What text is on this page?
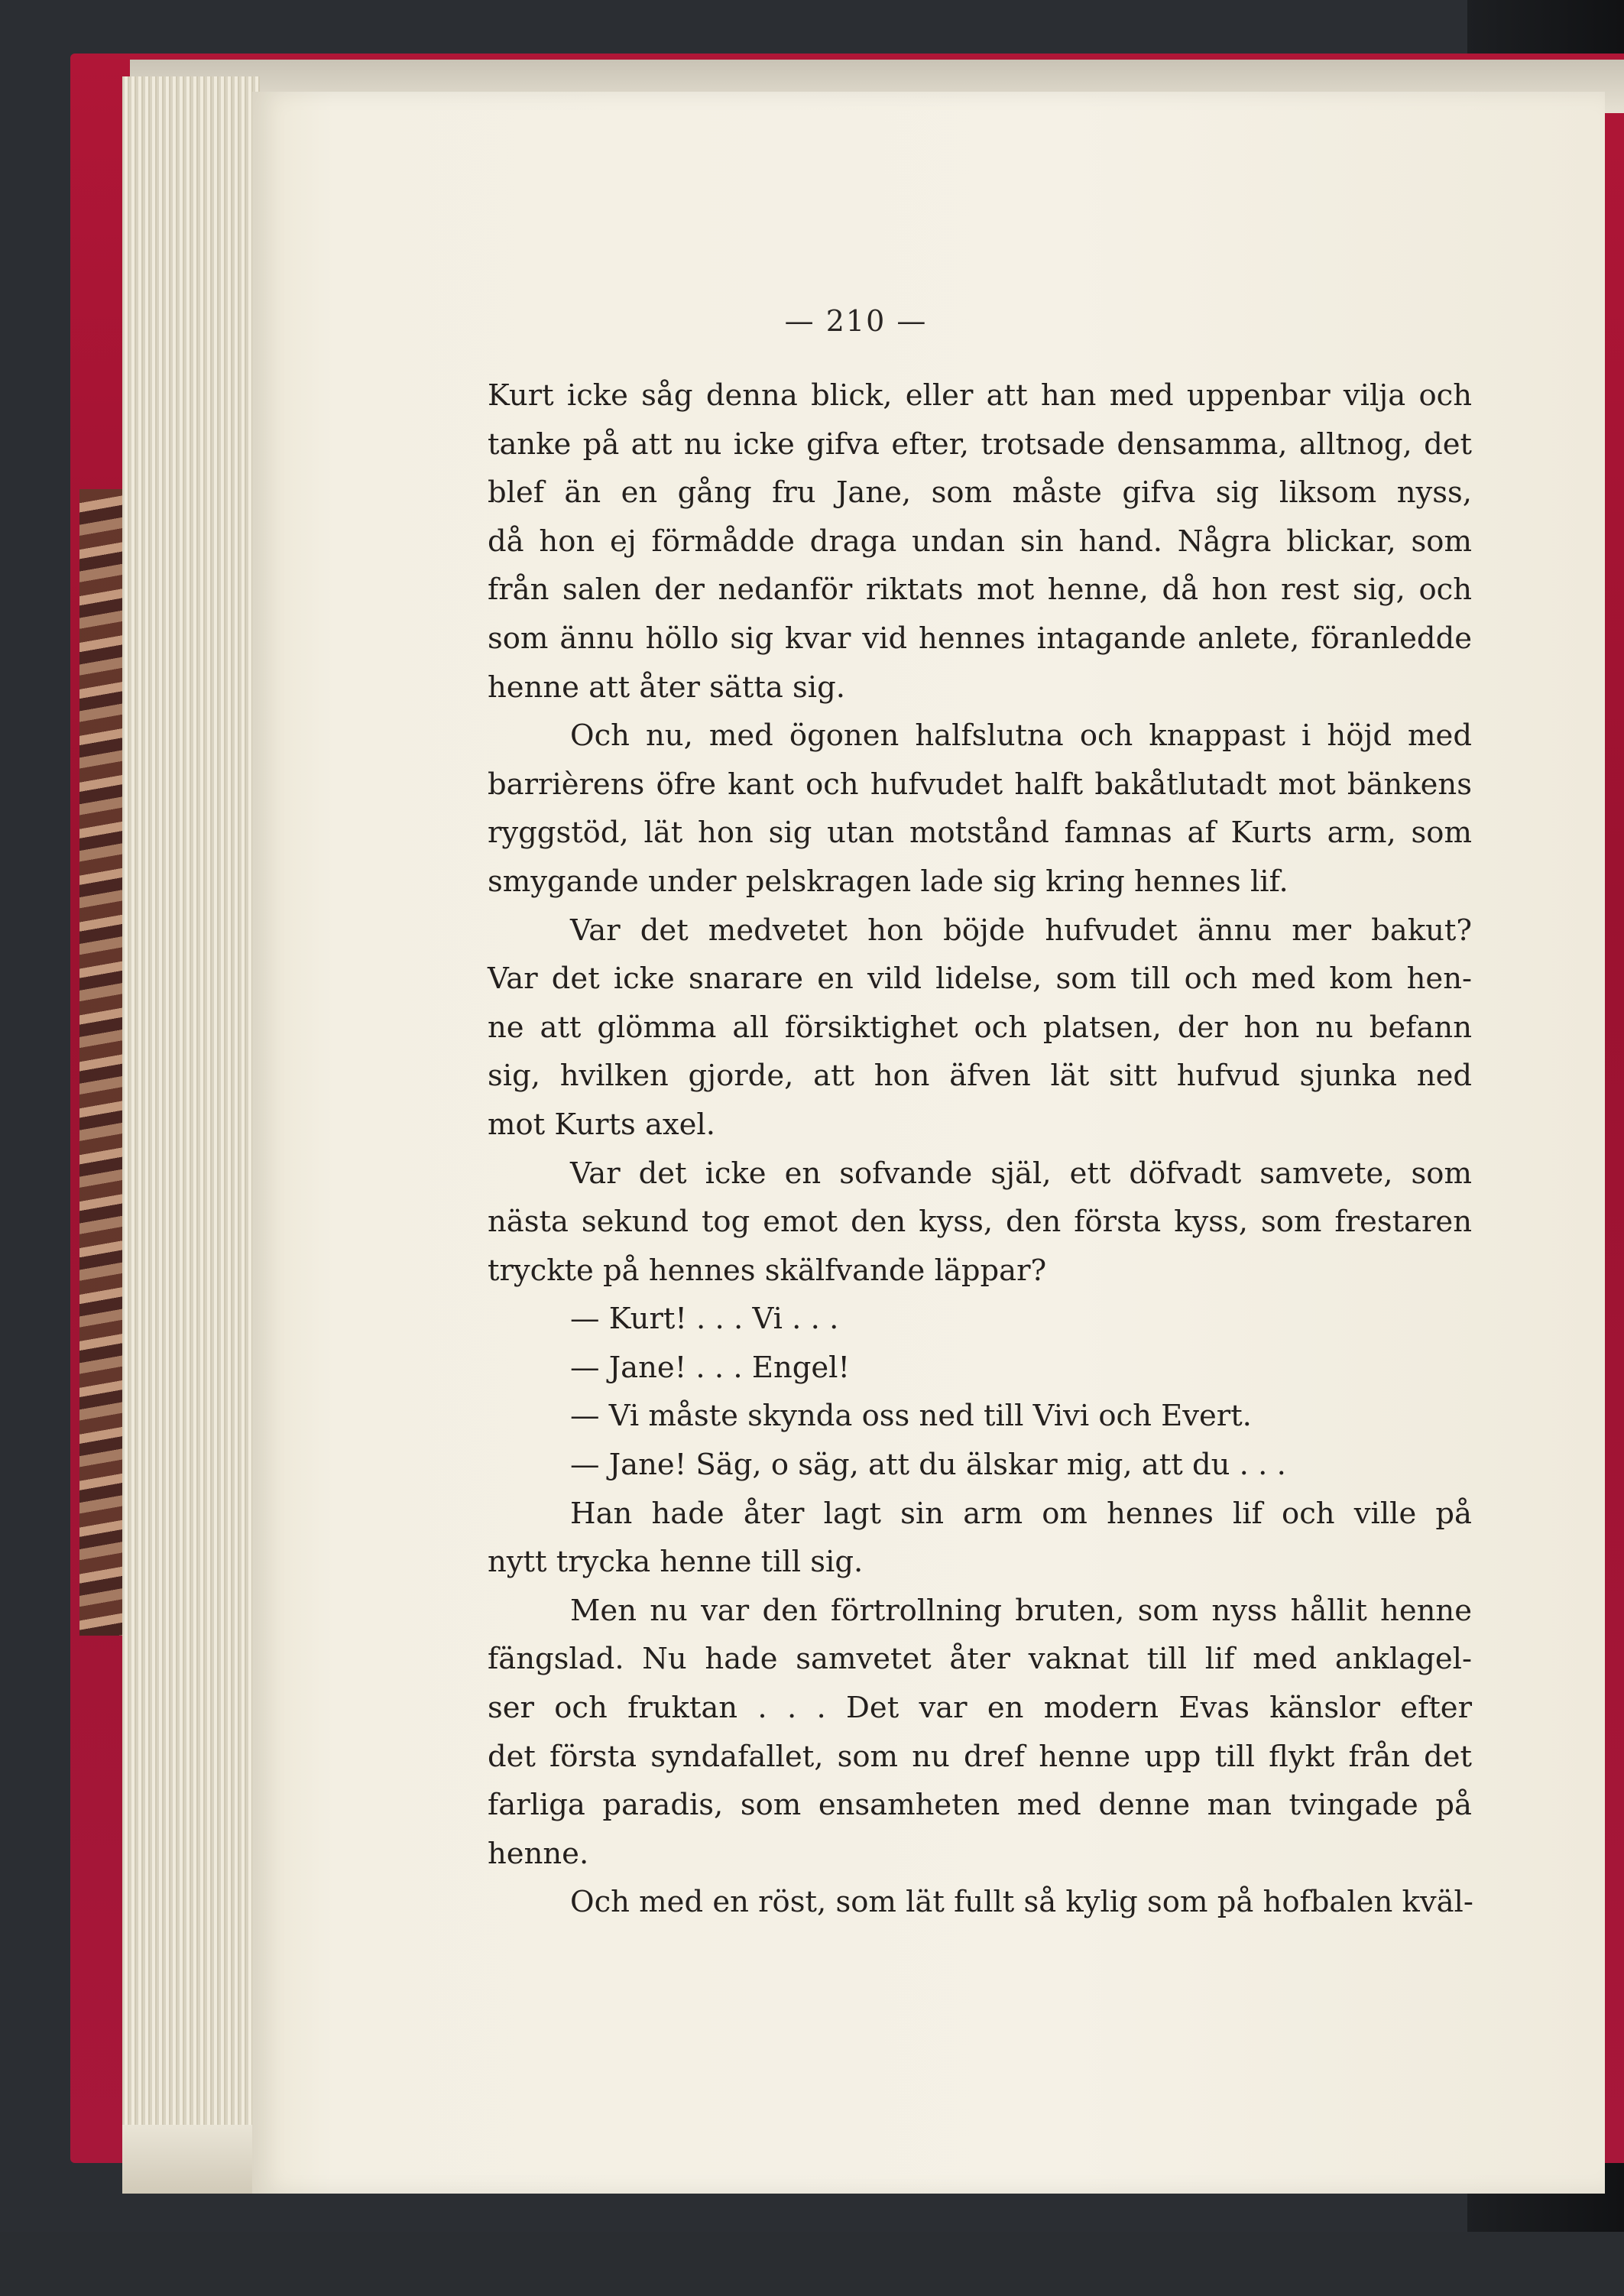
— 210 —
Kurt icke såg denna blick, eller att han med uppenbar vilja och
tanke på att nu icke gifva efter, trotsade densamma, alltnog, det
blef än en gång fru Jane, som måste gifva sig liksom nyss,
då hon ej förmådde draga undan sin hand. Några blickar, som
från salen der nedanför riktats mot henne, då hon rest sig, och
som ännu höllo sig kvar vid hennes intagande anlete, föranledde
henne att åter sätta sig.
Och nu, med ögonen halfslutna och knappast i höjd med
barrièrens öfre kant och hufvudet halft bakåtlutadt mot bänkens
ryggstöd, lät hon sig utan motstånd famnas af Kurts arm, som
smygande under pelskragen lade sig kring hennes lif.
Var det medvetet hon böjde hufvudet ännu mer bakut?
Var det icke snarare en vild lidelse, som till och med kom hen-
ne att glömma all försiktighet och platsen, der hon nu befann
sig, hvilken gjorde, att hon äfven lät sitt hufvud sjunka ned
mot Kurts axel.
Var det icke en sofvande själ, ett döfvadt samvete, som
nästa sekund tog emot den kyss, den första kyss, som frestaren
tryckte på hennes skälfvande läppar?
— Kurt! . . . Vi . . .
— Jane! . . . Engel!
— Vi måste skynda oss ned till Vivi och Evert.
— Jane! Säg, o säg, att du älskar mig, att du . . .
Han hade åter lagt sin arm om hennes lif och ville på
nytt trycka henne till sig.
Men nu var den förtrollning bruten, som nyss hållit henne
fängslad. Nu hade samvetet åter vaknat till lif med anklagel-
ser och fruktan . . . Det var en modern Evas känslor efter
det första syndafallet, som nu dref henne upp till flykt från det
farliga paradis, som ensamheten med denne man tvingade på
henne.
Och med en röst, som lät fullt så kylig som på hofbalen kväl-
